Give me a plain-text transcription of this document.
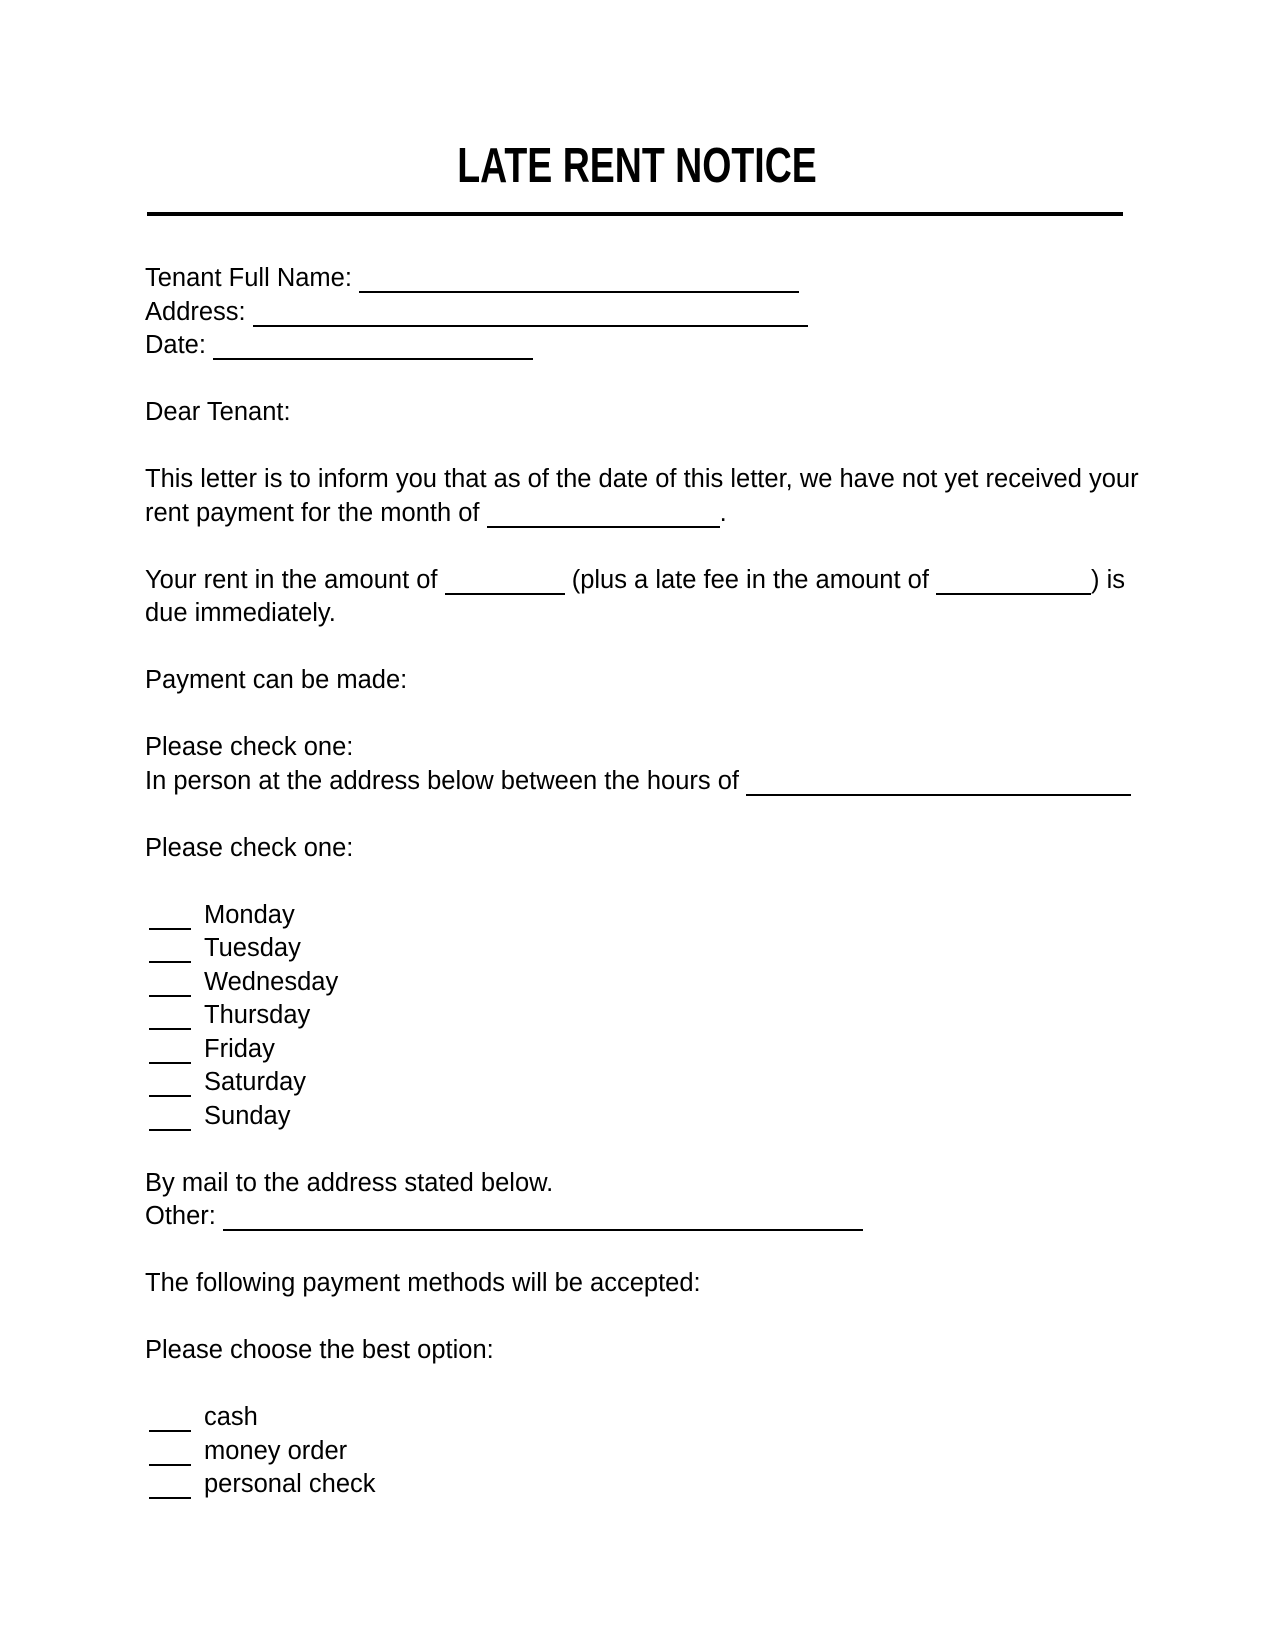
LATE RENT NOTICE
Tenant Full Name:
Address:
Date:
Dear Tenant:
This letter is to inform you that as of the date of this letter, we have not yet received your
rent payment for the month of	.
Your rent in the amount of	(plus a late fee in the amount of	) is
due immediately.
Payment can be made:
Please check one:
In person at the address below between the hours of
Please check one:
Monday
Tuesday
Wednesday
Thursday
Friday
Saturday
Sunday
By mail to the address stated below.
Other:
The following payment methods will be accepted:
Please choose the best option:
cash
money order
personal check
